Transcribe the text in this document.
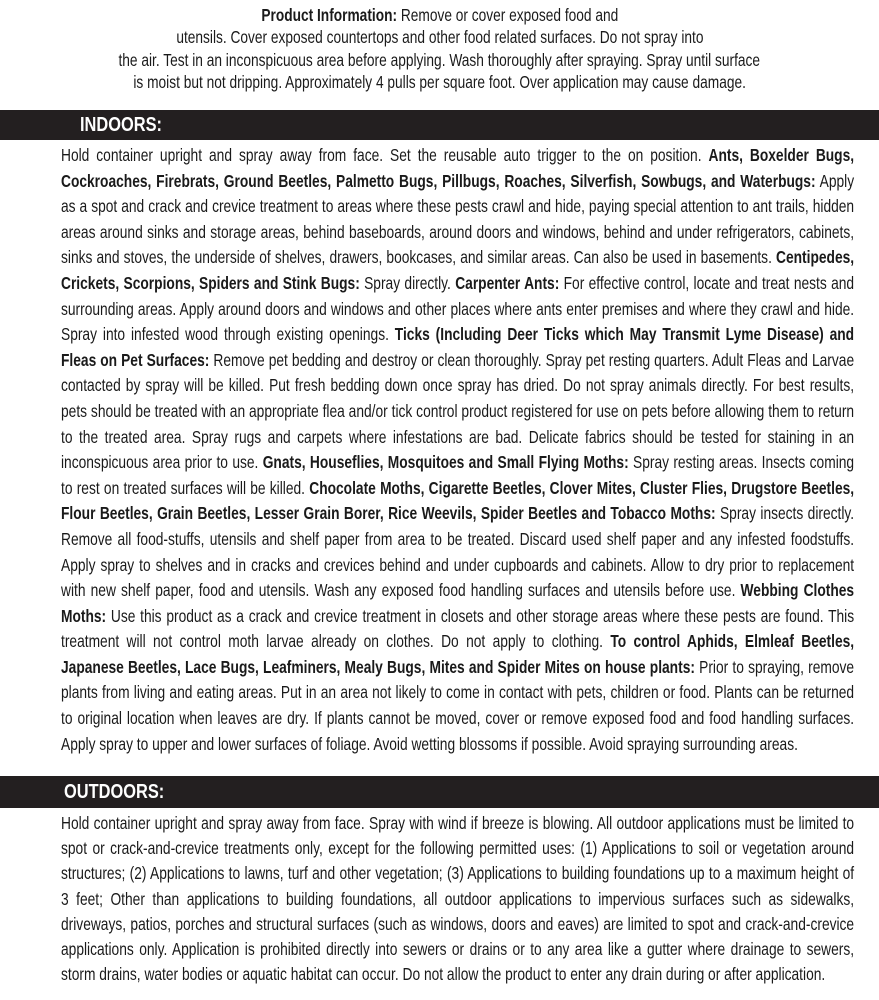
Product Information: Remove or cover exposed food and
utensils. Cover exposed countertops and other food related surfaces. Do not spray into
the air. Test in an inconspicuous area before applying. Wash thoroughly after spraying. Spray until surface
is moist but not dripping. Approximately 4 pulls per square foot. Over application may cause damage.
INDOORS:

Hold container upright and spray away from face. Set the reusable auto trigger to the on position. Ants, Boxelder Bugs, Cockroaches, Firebrats, Ground Beetles, Palmetto Bugs, Pillbugs, Roaches, Silverfish, Sowbugs, and Waterbugs: Apply as a spot and crack and crevice treatment to areas where these pests crawl and hide, paying special attention to ant trails, hidden areas around sinks and storage areas, behind baseboards, around doors and windows, behind and under refrigerators, cabinets, sinks and stoves, the underside of shelves, drawers, bookcases, and similar areas. Can also be used in basements. Centipedes, Crickets, Scorpions, Spiders and Stink Bugs: Spray directly. Carpenter Ants: For effective control, locate and treat nests and surrounding areas. Apply around doors and windows and other places where ants enter premises and where they crawl and hide. Spray into infested wood through existing openings. Ticks (Including Deer Ticks which May Transmit Lyme Disease) and Fleas on Pet Surfaces: Remove pet bedding and destroy or clean thoroughly. Spray pet resting quarters. Adult Fleas and Larvae contacted by spray will be killed. Put fresh bedding down once spray has dried. Do not spray animals directly. For best results, pets should be treated with an appropriate flea and/or tick control product registered for use on pets before allowing them to return to the treated area. Spray rugs and carpets where infestations are bad. Delicate fabrics should be tested for staining in an inconspicuous area prior to use. Gnats, Houseflies, Mosquitoes and Small Flying Moths: Spray resting areas. Insects coming to rest on treated surfaces will be killed. Chocolate Moths, Cigarette Beetles, Clover Mites, Cluster Flies, Drugstore Beetles, Flour Beetles, Grain Beetles, Lesser Grain Borer, Rice Weevils, Spider Beetles and Tobacco Moths: Spray insects directly. Remove all food-stuffs, utensils and shelf paper from area to be treated. Discard used shelf paper and any infested foodstuffs. Apply spray to shelves and in cracks and crevices behind and under cupboards and cabinets. Allow to dry prior to replacement with new shelf paper, food and utensils. Wash any exposed food handling surfaces and utensils before use. Webbing Clothes Moths: Use this product as a crack and crevice treatment in closets and other storage areas where these pests are found. This treatment will not control moth larvae already on clothes. Do not apply to clothing. To control Aphids, Elmleaf Beetles, Japanese Beetles, Lace Bugs, Leafminers, Mealy Bugs, Mites and Spider Mites on house plants: Prior to spraying, remove plants from living and eating areas. Put in an area not likely to come in contact with pets, children or food. Plants can be returned to original location when leaves are dry. If plants cannot be moved, cover or remove exposed food and food handling surfaces. Apply spray to upper and lower surfaces of foliage. Avoid wetting blossoms if possible. Avoid spraying surrounding areas.

OUTDOORS:

Hold container upright and spray away from face. Spray with wind if breeze is blowing. All outdoor applications must be limited to spot or crack-and-crevice treatments only, except for the following permitted uses: (1) Applications to soil or vegetation around structures; (2) Applications to lawns, turf and other vegetation; (3) Applications to building foundations up to a maximum height of 3 feet; Other than applications to building foundations, all outdoor applications to impervious surfaces such as sidewalks, driveways, patios, porches and structural surfaces (such as windows, doors and eaves) are limited to spot and crack-and-crevice applications only. Application is prohibited directly into sewers or drains or to any area like a gutter where drainage to sewers, storm drains, water bodies or aquatic habitat can occur. Do not allow the product to enter any drain during or after application.
